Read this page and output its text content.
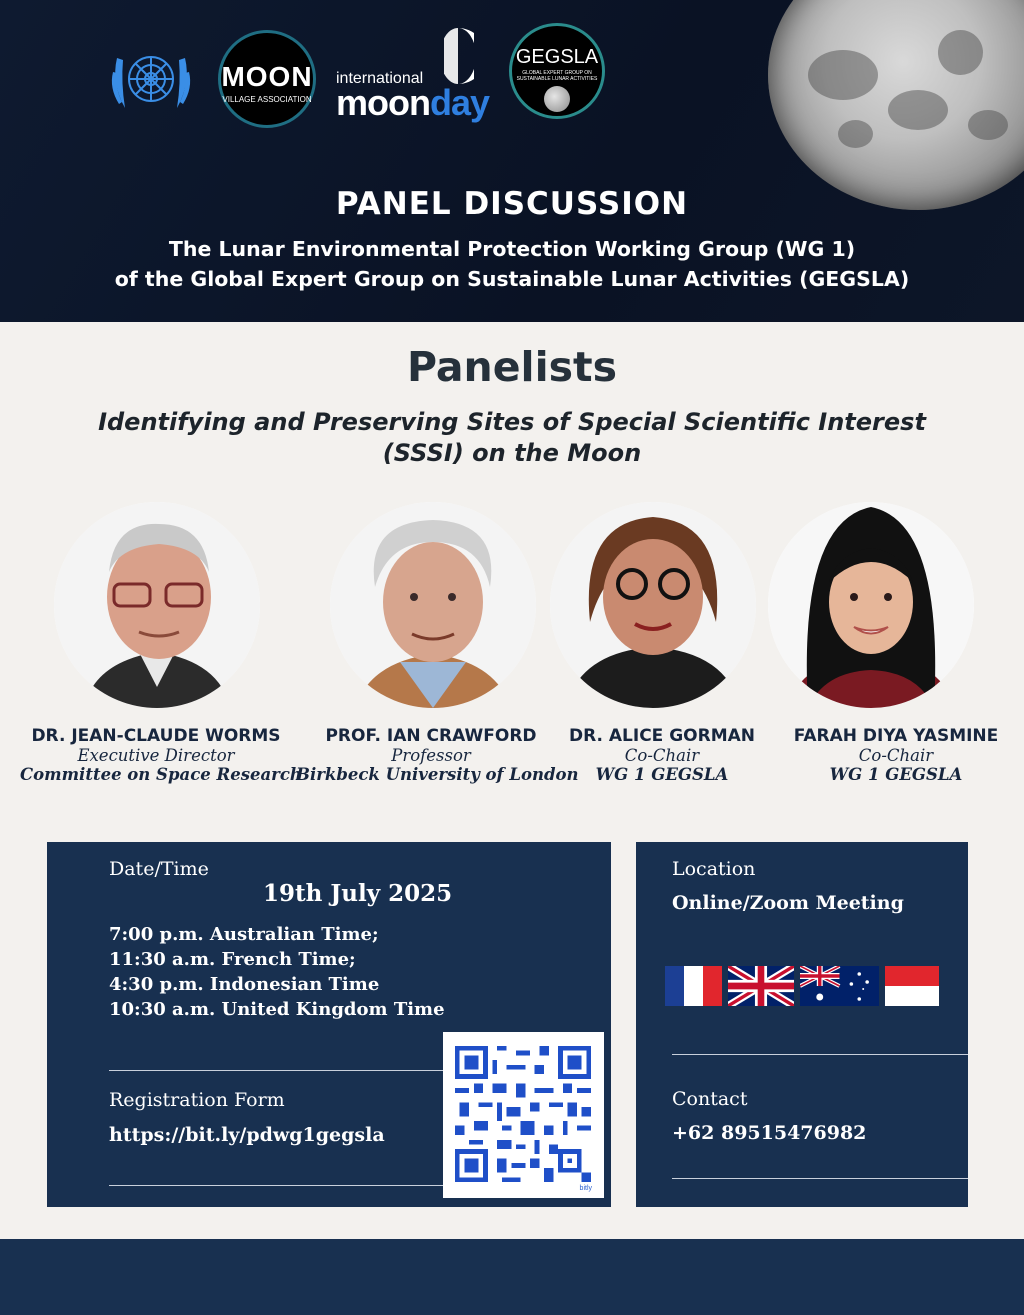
MOON
VILLAGE ASSOCIATION
international
moonday
GEGSLA
GLOBAL EXPERT GROUP ON SUSTAINABLE LUNAR ACTIVITIES
PANEL DISCUSSION
The Lunar Environmental Protection Working Group (WG 1)
of the Global Expert Group on Sustainable Lunar Activities (GEGSLA)
Panelists
Identifying and Preserving Sites of Special Scientific Interest
(SSSI) on the Moon
DR. JEAN-CLAUDE WORMS
Executive Director
Committee on Space Research
PROF. IAN CRAWFORD
Professor
Birkbeck University of London
DR. ALICE GORMAN
Co-Chair
WG 1 GEGSLA
FARAH DIYA YASMINE
Co-Chair
WG 1 GEGSLA
Date/Time
19th July 2025
7:00 p.m. Australian Time;
11:30 a.m. French Time;
4:30 p.m. Indonesian Time
10:30 a.m. United Kingdom Time
Registration Form
https://bit.ly/pdwg1gegsla
bitly
Location
Online/Zoom Meeting
Contact
+62 89515476982
